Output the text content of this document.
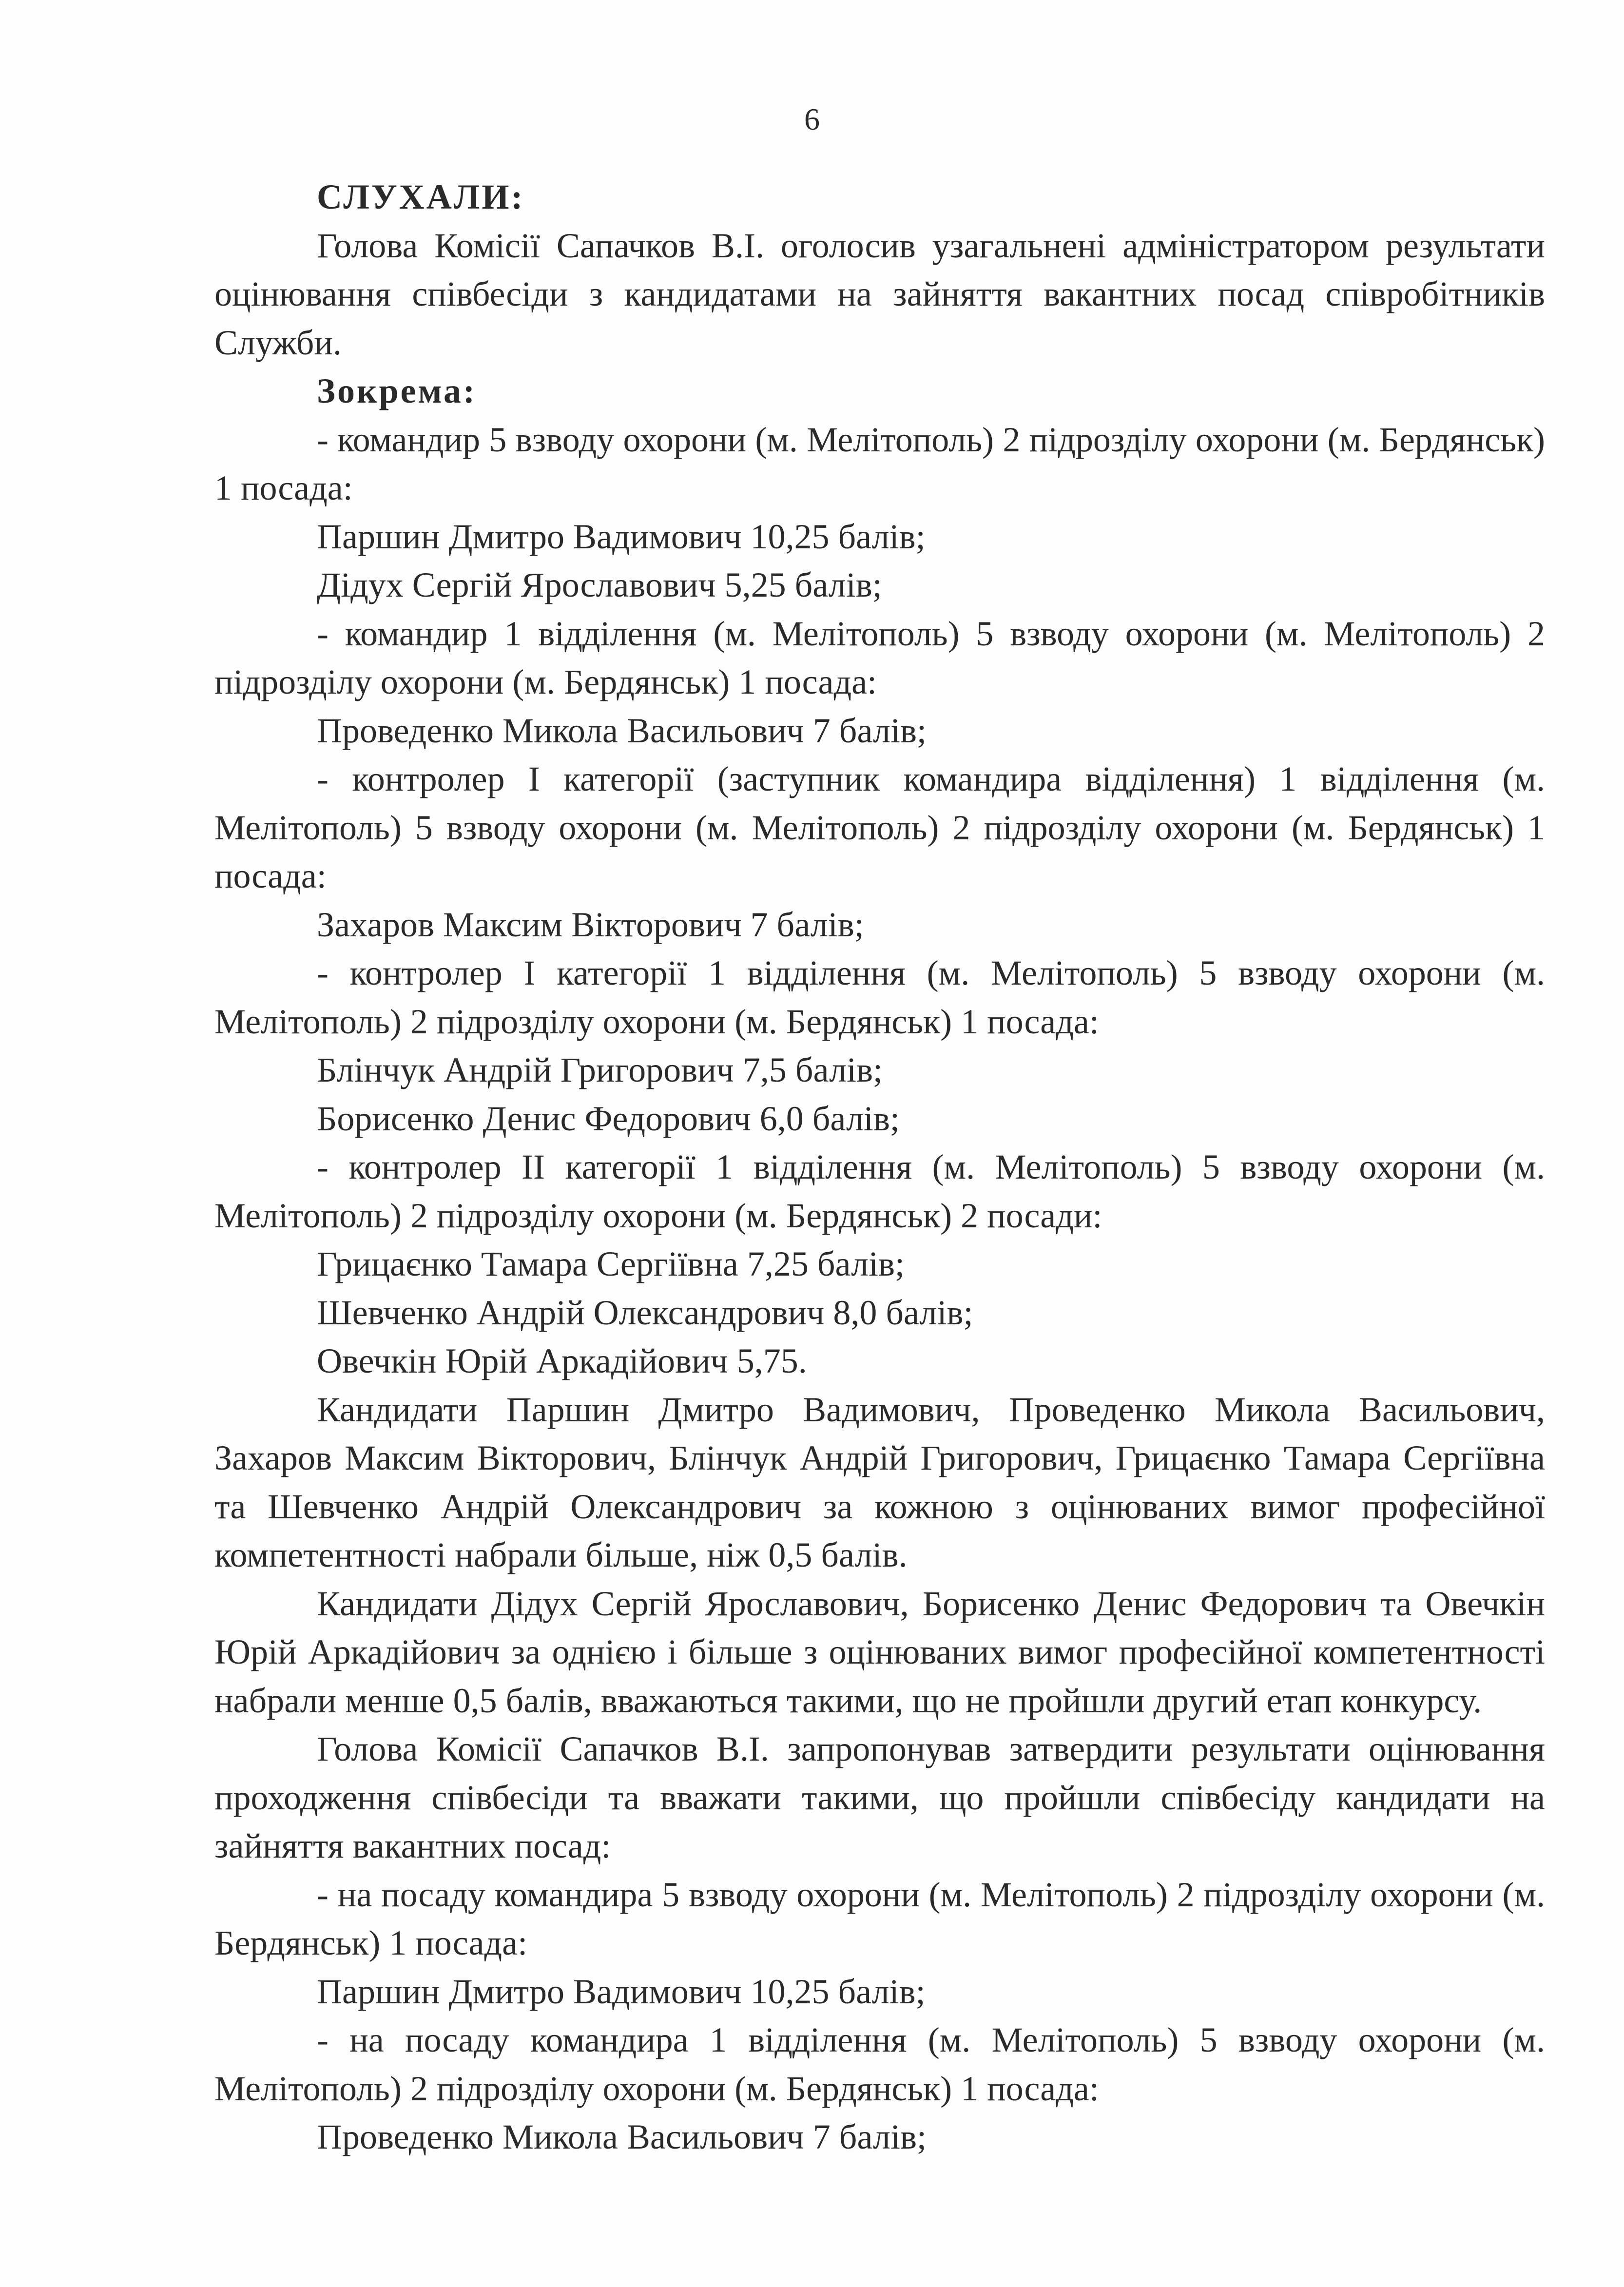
6

СЛУХАЛИ:

Голова Комісії Сапачков В.І. оголосив узагальнені адміністратором результати оцінювання співбесіди з кандидатами на зайняття вакантних посад співробітників Служби.

Зокрема:

- командир 5 взводу охорони (м. Мелітополь) 2 підрозділу охорони (м. Бердянськ) 1 посада:

Паршин Дмитро Вадимович 10,25 балів;

Дідух Сергій Ярославович 5,25 балів;

- командир 1 відділення (м. Мелітополь) 5 взводу охорони (м. Мелітополь) 2 підрозділу охорони (м. Бердянськ) 1 посада:

Проведенко Микола Васильович 7 балів;

- контролер I категорії (заступник командира відділення) 1 відділення (м. Мелітополь) 5 взводу охорони (м. Мелітополь) 2 підрозділу охорони (м. Бердянськ) 1 посада:

Захаров Максим Вікторович 7 балів;

- контролер I категорії 1 відділення (м. Мелітополь) 5 взводу охорони (м. Мелітополь) 2 підрозділу охорони (м. Бердянськ) 1 посада:

Блінчук Андрій Григорович 7,5 балів;

Борисенко Денис Федорович 6,0 балів;

- контролер II категорії 1 відділення (м. Мелітополь) 5 взводу охорони (м. Мелітополь) 2 підрозділу охорони (м. Бердянськ) 2 посади:

Грицаєнко Тамара Сергіївна 7,25 балів;

Шевченко Андрій Олександрович 8,0 балів;

Овечкін Юрій Аркадійович 5,75.

Кандидати Паршин Дмитро Вадимович, Проведенко Микола Васильович, Захаров Максим Вікторович, Блінчук Андрій Григорович, Грицаєнко Тамара Сергіївна та Шевченко Андрій Олександрович за кожною з оцінюваних вимог професійної компетентності набрали більше, ніж 0,5 балів.

Кандидати Дідух Сергій Ярославович, Борисенко Денис Федорович та Овечкін Юрій Аркадійович за однією і більше з оцінюваних вимог професійної компетентності набрали менше 0,5 балів, вважаються такими, що не пройшли другий етап конкурсу.

Голова Комісії Сапачков В.І. запропонував затвердити результати оцінювання проходження співбесіди та вважати такими, що пройшли співбесіду кандидати на зайняття вакантних посад:

- на посаду командира 5 взводу охорони (м. Мелітополь) 2 підрозділу охорони (м. Бердянськ) 1 посада:

Паршин Дмитро Вадимович 10,25 балів;

- на посаду командира 1 відділення (м. Мелітополь) 5 взводу охорони (м. Мелітополь) 2 підрозділу охорони (м. Бердянськ) 1 посада:

Проведенко Микола Васильович 7 балів;
